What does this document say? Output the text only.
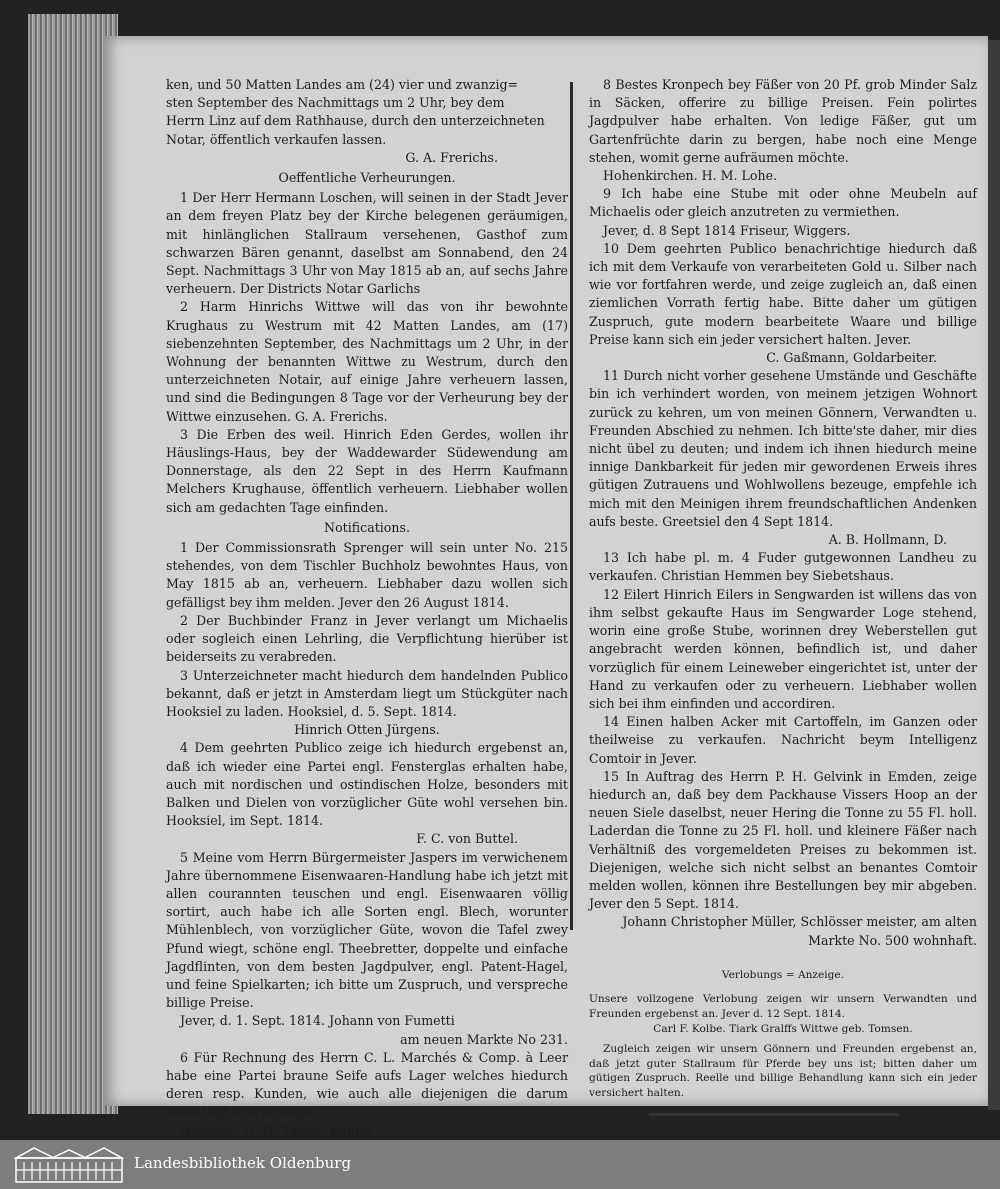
ken, und 50 Matten Landes am (24) vier und zwanzig=

sten September des Nachmittags um 2 Uhr, bey dem

Herrn Linz auf dem Rathhause, durch den unterzeichneten

Notar, öffentlich verkaufen lassen.

G. A. Frerichs.

Oeffentliche Verheurungen.

1 Der Herr Hermann Loschen, will seinen in der Stadt Jever an dem freyen Platz bey der Kirche belegenen geräumigen, mit hinlänglichen Stallraum versehenen, Gasthof zum schwarzen Bären genannt, daselbst am Sonnabend, den 24 Sept. Nachmittags 3 Uhr von May 1815 ab an, auf sechs Jahre verheuern. Der Districts Notar Garlichs

2 Harm Hinrichs Wittwe will das von ihr bewohnte Krughaus zu Westrum mit 42 Matten Landes, am (17) siebenzehnten September, des Nachmittags um 2 Uhr, in der Wohnung der benannten Wittwe zu Westrum, durch den unterzeichneten Notair, auf einige Jahre verheuern lassen, und sind die Bedingungen 8 Tage vor der Verheurung bey der Wittwe einzusehen. G. A. Frerichs.

3 Die Erben des weil. Hinrich Eden Gerdes, wollen ihr Häuslings-Haus, bey der Waddewarder Südewendung am Donnerstage, als den 22 Sept in des Herrn Kaufmann Melchers Krughause, öffentlich verheuern. Liebhaber wollen sich am gedachten Tage einfinden.

Notifications.

1 Der Commissionsrath Sprenger will sein unter No. 215 stehendes, von dem Tischler Buchholz bewohntes Haus, von May 1815 ab an, verheuern. Liebhaber dazu wollen sich gefälligst bey ihm melden. Jever den 26 August 1814.

2 Der Buchbinder Franz in Jever verlangt um Michaelis oder sogleich einen Lehrling, die Verpflichtung hierüber ist beiderseits zu verabreden.

3 Unterzeichneter macht hiedurch dem handelnden Publico bekannt, daß er jetzt in Amsterdam liegt um Stückgüter nach Hooksiel zu laden. Hooksiel, d. 5. Sept. 1814.

Hinrich Otten Jürgens.

4 Dem geehrten Publico zeige ich hiedurch ergebenst an, daß ich wieder eine Partei engl. Fensterglas erhalten habe, auch mit nordischen und ostindischen Holze, besonders mit Balken und Dielen von vorzüglicher Güte wohl versehen bin. Hooksiel, im Sept. 1814.

F. C. von Buttel.

5 Meine vom Herrn Bürgermeister Jaspers im verwichenem Jahre übernommene Eisenwaaren-Handlung habe ich jetzt mit allen courannten teuschen und engl. Eisenwaaren völlig sortirt, auch habe ich alle Sorten engl. Blech, worunter Mühlenblech, von vorzüglicher Güte, wovon die Tafel zwey Pfund wiegt, schöne engl. Theebretter, doppelte und einfache Jagdflinten, von dem besten Jagdpulver, engl. Patent-Hagel, und feine Spielkarten; ich bitte um Zuspruch, und verspreche billige Preise.

Jever, d. 1. Sept. 1814. Johann von Fumetti

am neuen Markte No 231.

6 Für Rechnung des Herrn C. L. Marchés & Comp. à Leer habe eine Partei braune Seife aufs Lager welches hiedurch deren resp. Kunden, wie auch alle diejenigen die darum benöthigt sind anzeige.

Hooksiel, H. H. Tiarks, Kaufm.

8 Bestes Kronpech bey Fäßer von 20 Pf. grob Minder Salz in Säcken, offerire zu billige Preisen. Fein polirtes Jagdpulver habe erhalten. Von ledige Fäßer, gut um Gartenfrüchte darin zu bergen, habe noch eine Menge stehen, womit gerne aufräumen möchte.

Hohenkirchen. H. M. Lohe.

9 Ich habe eine Stube mit oder ohne Meubeln auf Michaelis oder gleich anzutreten zu vermiethen.

Jever, d. 8 Sept 1814 Friseur, Wiggers.

10 Dem geehrten Publico benachrichtige hiedurch daß ich mit dem Verkaufe von verarbeiteten Gold u. Silber nach wie vor fortfahren werde, und zeige zugleich an, daß einen ziemlichen Vorrath fertig habe. Bitte daher um gütigen Zuspruch, gute modern bearbeitete Waare und billige Preise kann sich ein jeder versichert halten. Jever.

C. Gaßmann, Goldarbeiter.

11 Durch nicht vorher gesehene Umstände und Geschäfte bin ich verhindert worden, von meinem jetzigen Wohnort zurück zu kehren, um von meinen Gönnern, Verwandten u. Freunden Abschied zu nehmen. Ich bitte'ste daher, mir dies nicht übel zu deuten; und indem ich ihnen hiedurch meine innige Dankbarkeit für jeden mir gewordenen Erweis ihres gütigen Zutrauens und Wohlwollens bezeuge, empfehle ich mich mit den Meinigen ihrem freundschaftlichen Andenken aufs beste. Greetsiel den 4 Sept 1814.

A. B. Hollmann, D.

13 Ich habe pl. m. 4 Fuder gutgewonnen Landheu zu verkaufen. Christian Hemmen bey Siebetshaus.

12 Eilert Hinrich Eilers in Sengwarden ist willens das von ihm selbst gekaufte Haus im Sengwarder Loge stehend, worin eine große Stube, worinnen drey Weberstellen gut angebracht werden können, befindlich ist, und daher vorzüglich für einem Leineweber eingerichtet ist, unter der Hand zu verkaufen oder zu verheuern. Liebhaber wollen sich bei ihm einfinden und accordiren.

14 Einen halben Acker mit Cartoffeln, im Ganzen oder theilweise zu verkaufen. Nachricht beym Intelligenz Comtoir in Jever.

15 In Auftrag des Herrn P. H. Gelvink in Emden, zeige hiedurch an, daß bey dem Packhause Vissers Hoop an der neuen Siele daselbst, neuer Hering die Tonne zu 55 Fl. holl. Laderdan die Tonne zu 25 Fl. holl. und kleinere Fäßer nach Verhältniß des vorgemeldeten Preises zu bekommen ist. Diejenigen, welche sich nicht selbst an benantes Comtoir melden wollen, können ihre Bestellungen bey mir abgeben. Jever den 5 Sept. 1814.

Johann Christopher Müller, Schlösser meister, am alten Markte No. 500 wohnhaft.

Verlobungs = Anzeige.

Unsere vollzogene Verlobung zeigen wir unsern Verwandten und Freunden ergebenst an. Jever d. 12 Sept. 1814.

Carl F. Kolbe. Tiark Gralffs Wittwe geb. Tomsen.

Zugleich zeigen wir unsern Gönnern und Freunden ergebenst an, daß jetzt guter Stallraum für Pferde bey uns ist; bitten daher um gütigen Zuspruch. Reelle und billige Behandlung kann sich ein jeder versichert halten.

Landesbibliothek Oldenburg
